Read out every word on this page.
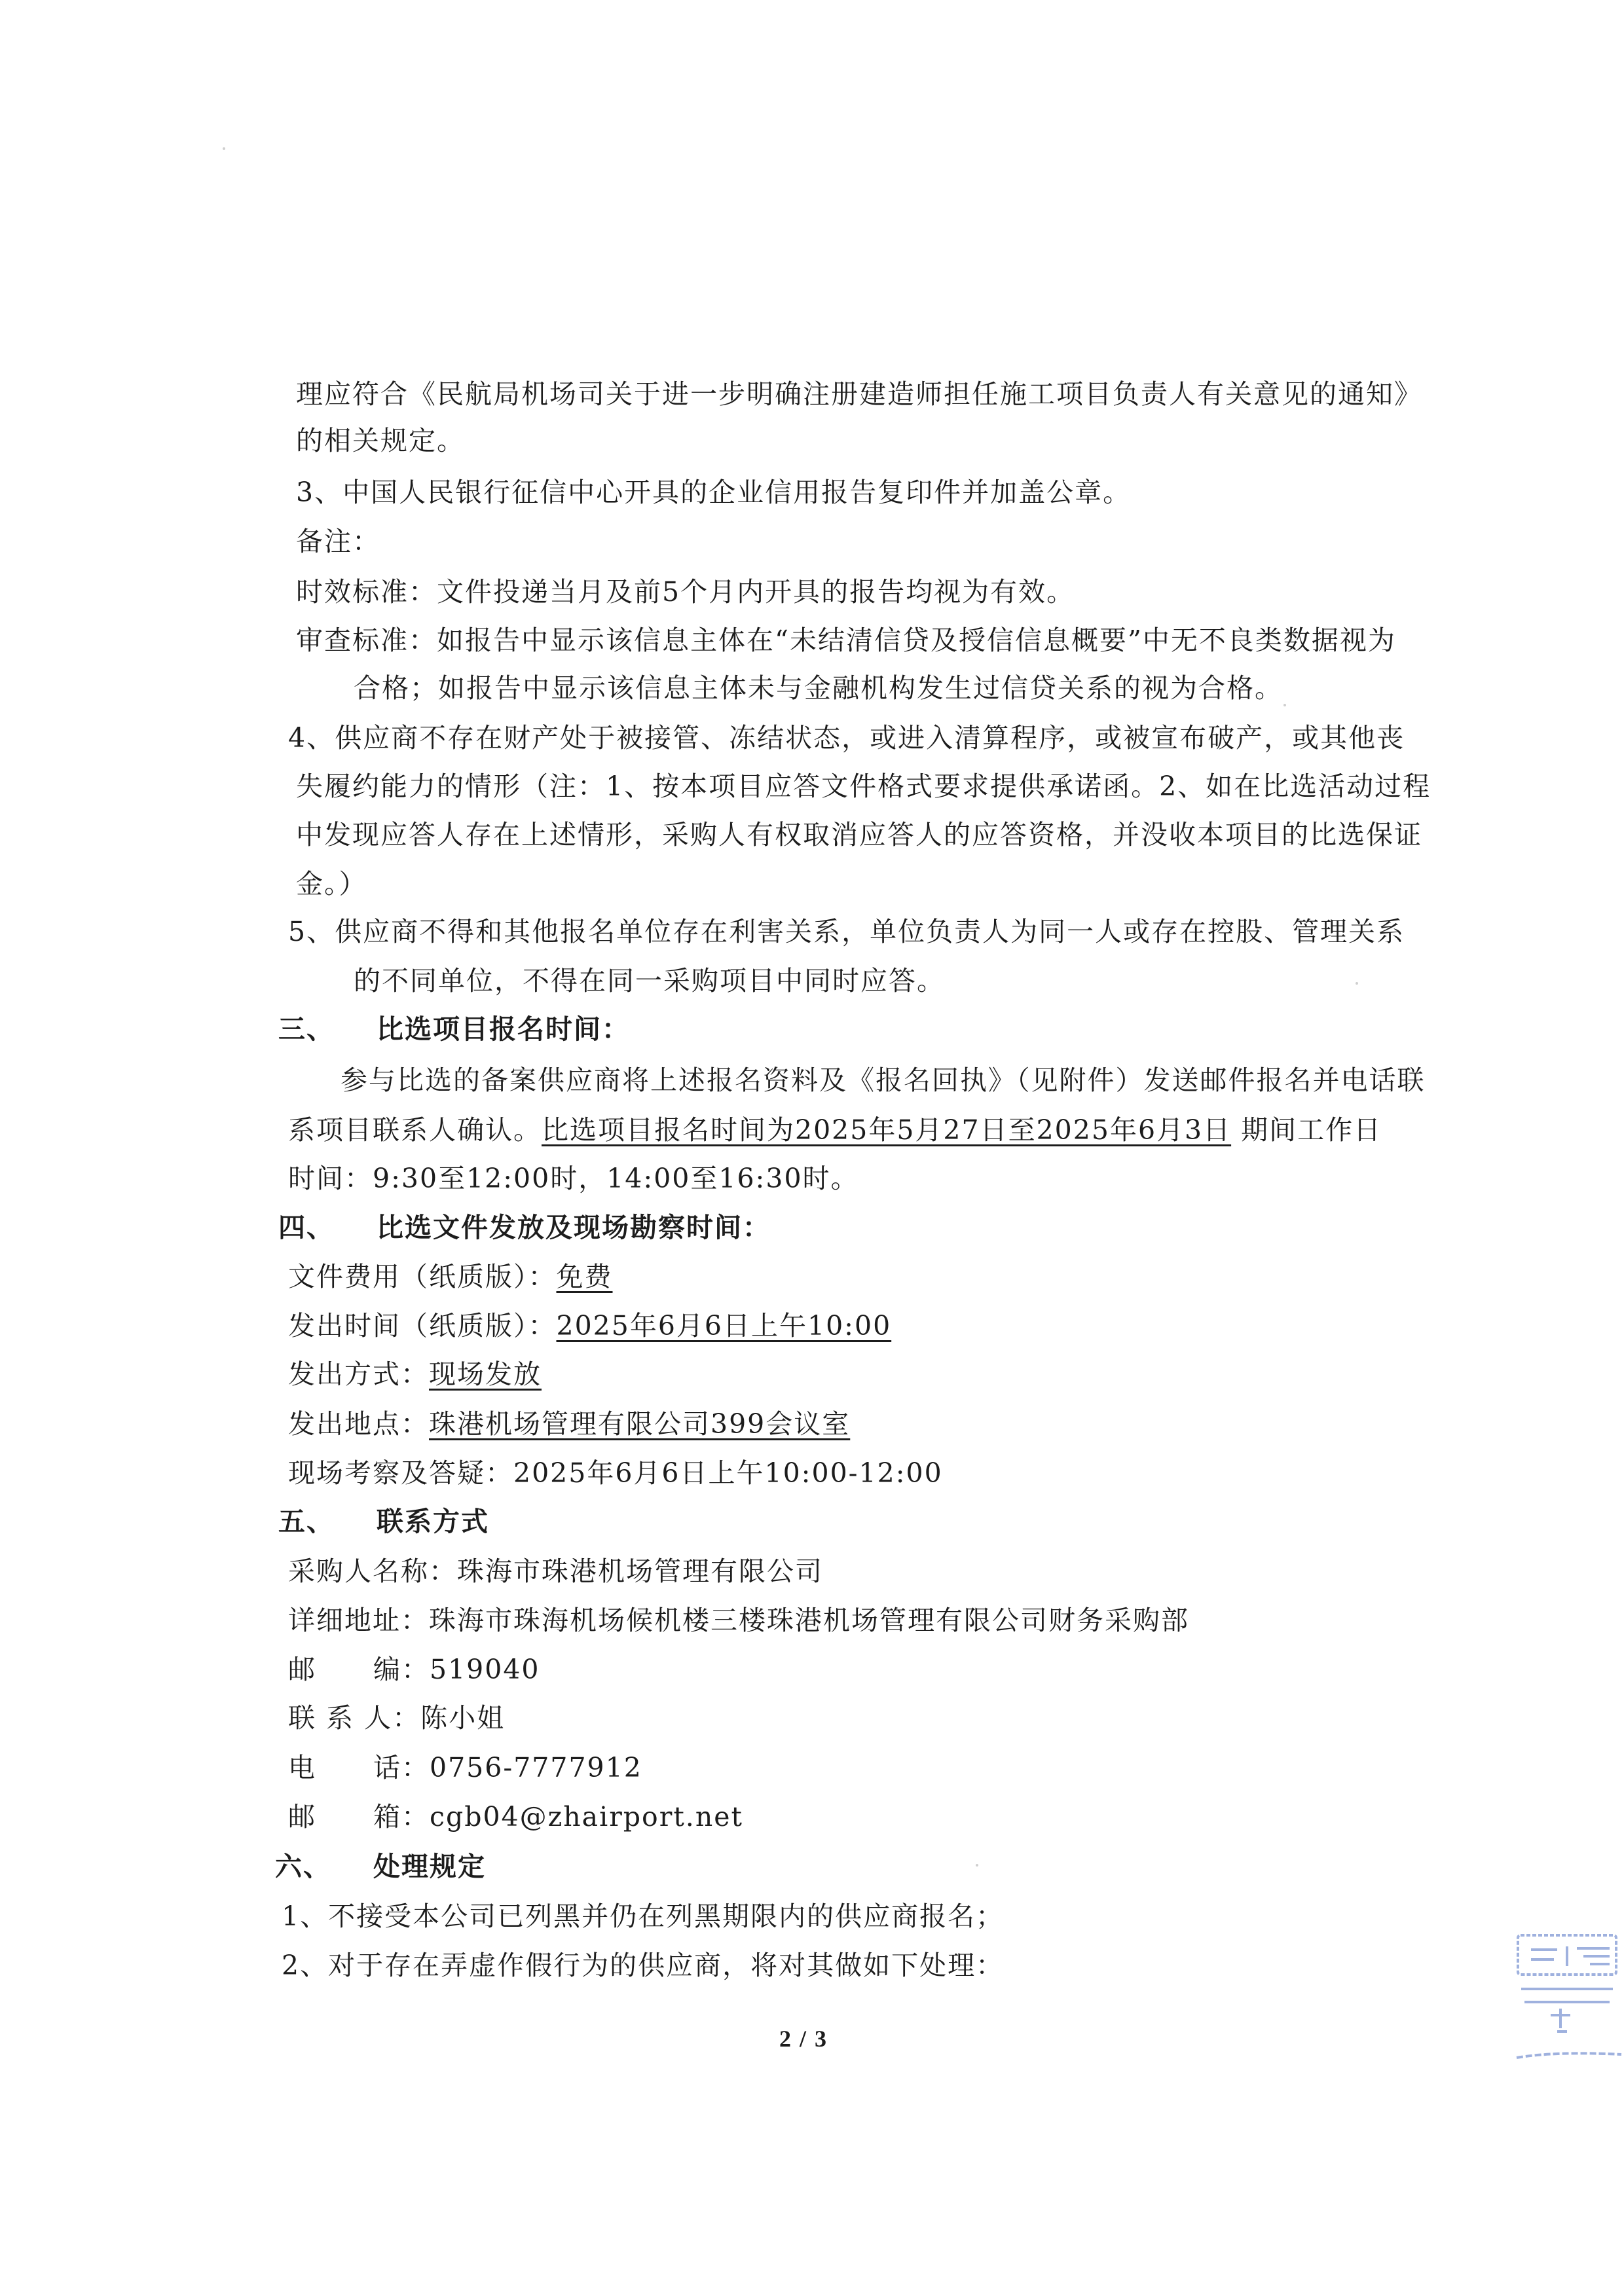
理应符合《民航局机场司关于进一步明确注册建造师担任施工项目负责人有关意见的通知》
的相关规定。
3、中国人民银行征信中心开具的企业信用报告复印件并加盖公章。
备注：
时效标准：文件投递当月及前5个月内开具的报告均视为有效。
审查标准：如报告中显示该信息主体在“未结清信贷及授信信息概要”中无不良类数据视为
合格；如报告中显示该信息主体未与金融机构发生过信贷关系的视为合格。
4、供应商不存在财产处于被接管、冻结状态，或进入清算程序，或被宣布破产，或其他丧
失履约能力的情形（注：1、按本项目应答文件格式要求提供承诺函。2、如在比选活动过程
中发现应答人存在上述情形，采购人有权取消应答人的应答资格，并没收本项目的比选保证
金。）
5、供应商不得和其他报名单位存在利害关系，单位负责人为同一人或存在控股、管理关系
的不同单位，不得在同一采购项目中同时应答。
三、 比选项目报名时间：
参与比选的备案供应商将上述报名资料及《报名回执》（见附件）发送邮件报名并电话联
系项目联系人确认。比选项目报名时间为2025年5月27日至2025年6月3日 期间工作日
时间：9:30至12:00时，14:00至16:30时。
四、 比选文件发放及现场勘察时间：
文件费用（纸质版）：免费
发出时间（纸质版）：2025年6月6日上午10:00
发出方式：现场发放
发出地点：珠港机场管理有限公司399会议室
现场考察及答疑：2025年6月6日上午10:00-12:00
五、 联系方式
采购人名称：珠海市珠港机场管理有限公司
详细地址：珠海市珠海机场候机楼三楼珠港机场管理有限公司财务采购部
邮 编：519040
联 系 人：陈小姐
电 话：0756-7777912
邮 箱：cgb04@zhairport.net
六、 处理规定
1、不接受本公司已列黑并仍在列黑期限内的供应商报名；
2、对于存在弄虚作假行为的供应商，将对其做如下处理：
2 / 3
